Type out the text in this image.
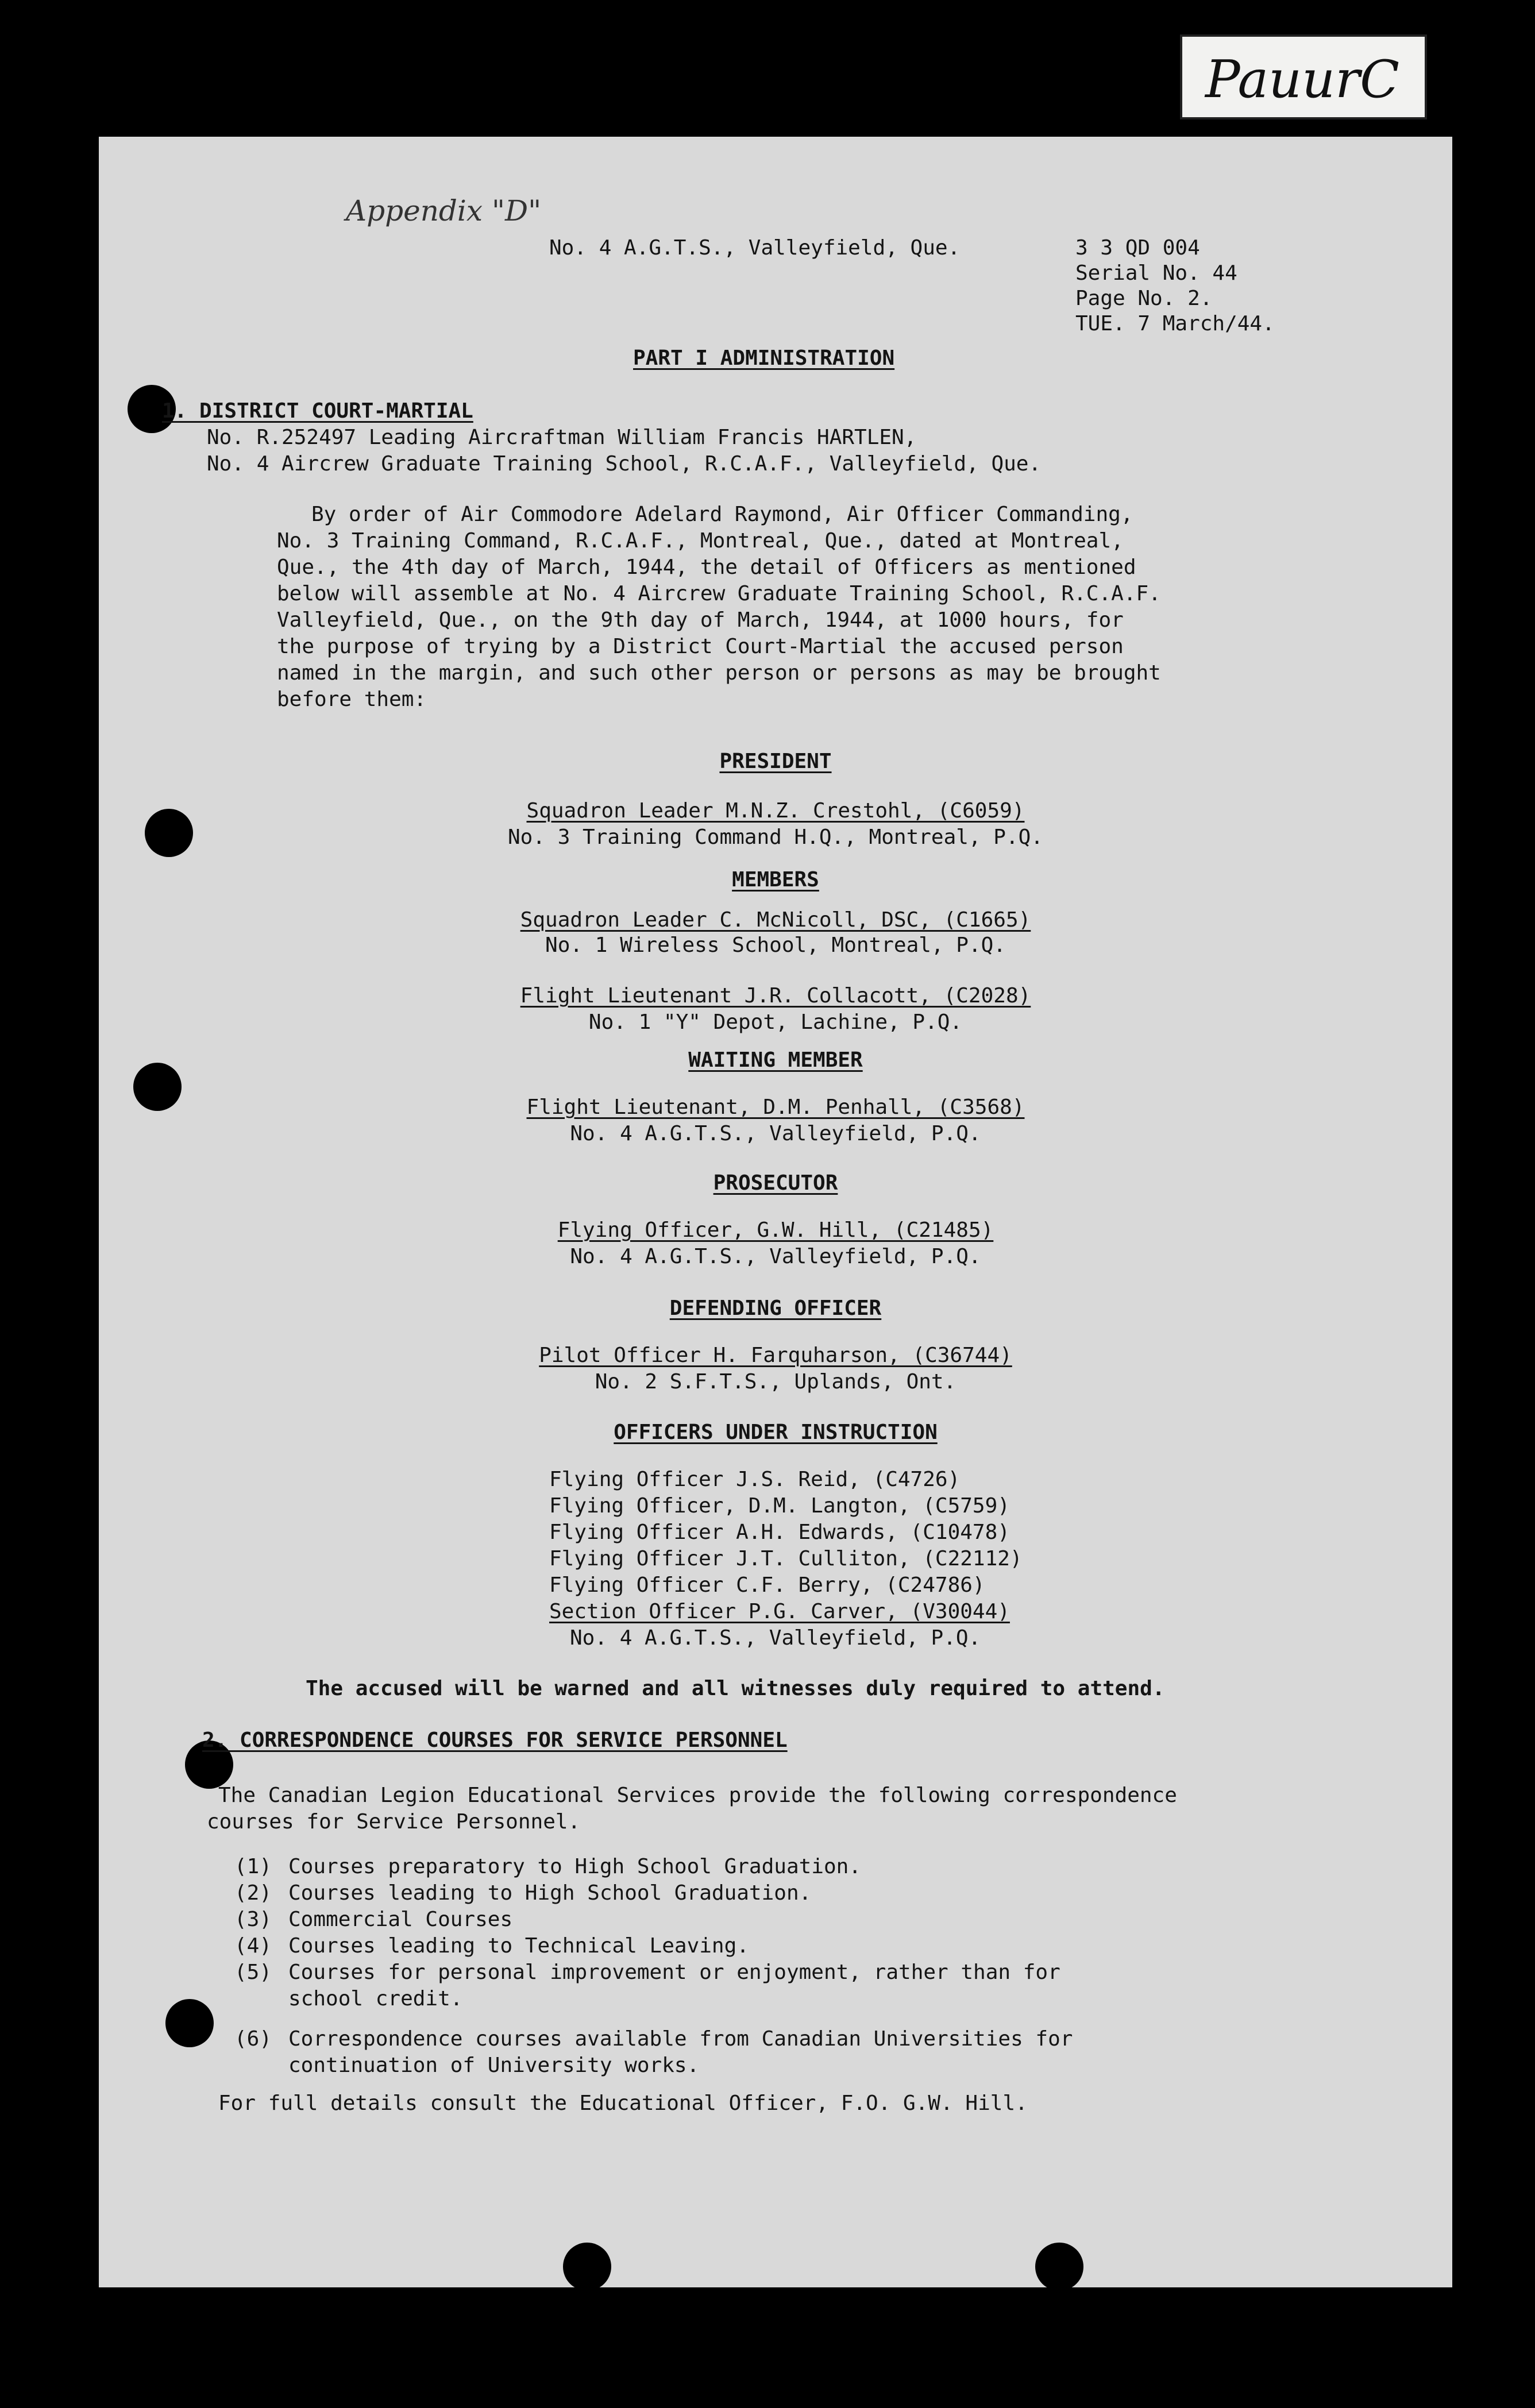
PauurC
Appendix "D"
No. 4 A.G.T.S., Valleyfield, Que.	3 3 QD 004
Serial No. 44
Page No. 2.
TUE. 7 March/44.
PART I ADMINISTRATION
1. DISTRICT COURT-MARTIAL
No. R.252497 Leading Aircraftman William Francis HARTLEN,
No. 4 Aircrew Graduate Training School, R.C.A.F., Valleyfield, Que.
By order of Air Commodore Adelard Raymond, Air Officer Commanding,
No. 3 Training Command, R.C.A.F., Montreal, Que., dated at Montreal,
Que., the 4th day of March, 1944, the detail of Officers as mentioned
below will assemble at No. 4 Aircrew Graduate Training School, R.C.A.F.
Valleyfield, Que., on the 9th day of March, 1944, at 1000 hours, for
the purpose of trying by a District Court-Martial the accused person
named in the margin, and such other person or persons as may be brought
before them:
PRESIDENT
Squadron Leader M.N.Z. Crestohl, (C6059)
No. 3 Training Command H.Q., Montreal, P.Q.
MEMBERS
Squadron Leader C. McNicoll, DSC, (C1665)
No. 1 Wireless School, Montreal, P.Q.
Flight Lieutenant J.R. Collacott, (C2028)
No. 1 "Y" Depot, Lachine, P.Q.
WAITING MEMBER
Flight Lieutenant, D.M. Penhall, (C3568)
No. 4 A.G.T.S., Valleyfield, P.Q.
PROSECUTOR
Flying Officer, G.W. Hill, (C21485)
No. 4 A.G.T.S., Valleyfield, P.Q.
DEFENDING OFFICER
Pilot Officer H. Farquharson, (C36744)
No. 2 S.F.T.S., Uplands, Ont.
OFFICERS UNDER INSTRUCTION
Flying Officer J.S. Reid, (C4726)
Flying Officer, D.M. Langton, (C5759)
Flying Officer A.H. Edwards, (C10478)
Flying Officer J.T. Culliton, (C22112)
Flying Officer C.F. Berry, (C24786)
Section Officer P.G. Carver, (V30044)
No. 4 A.G.T.S., Valleyfield, P.Q.
The accused will be warned and all witnesses duly required to attend.
2. CORRESPONDENCE COURSES FOR SERVICE PERSONNEL
The Canadian Legion Educational Services provide the following correspondence
courses for Service Personnel.
(1) Courses preparatory to High School Graduation.
(2) Courses leading to High School Graduation.
(3) Commercial Courses
(4) Courses leading to Technical Leaving.
(5) Courses for personal improvement or enjoyment, rather than for
school credit.
(6) Correspondence courses available from Canadian Universities for
continuation of University works.
For full details consult the Educational Officer, F.O. G.W. Hill.
